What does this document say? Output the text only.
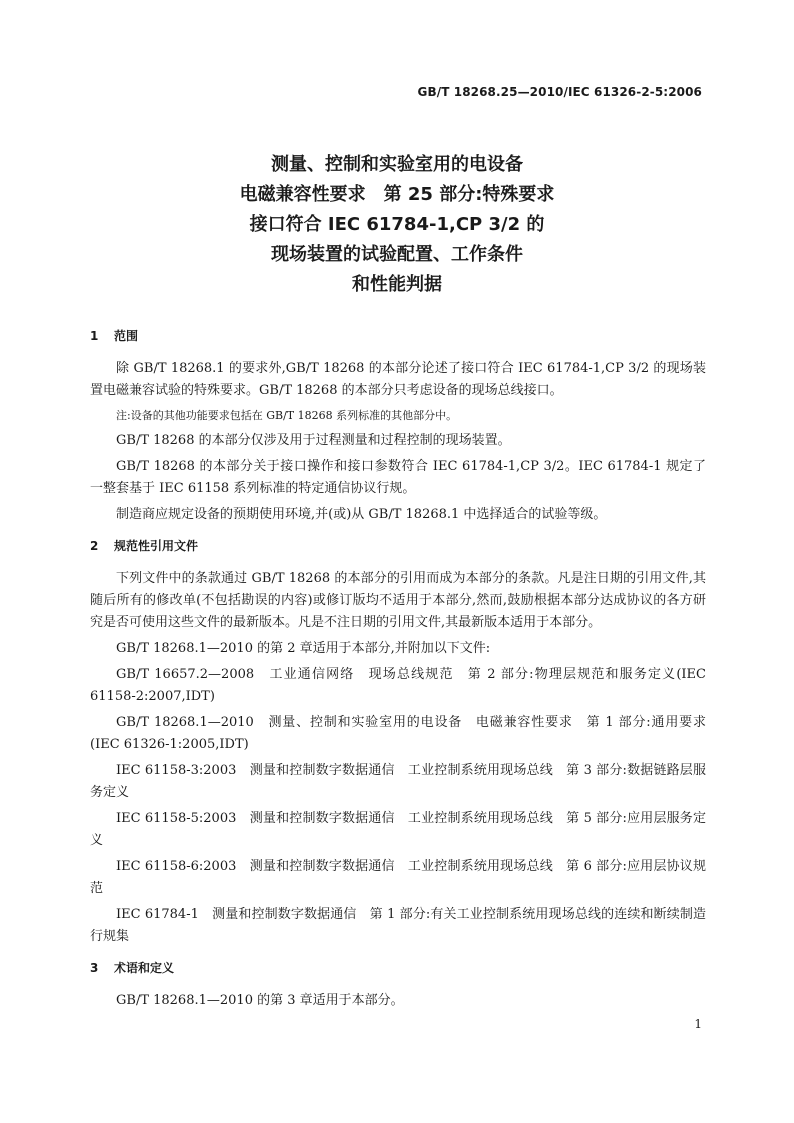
GB/T 18268.25—2010/IEC 61326-2-5:2006
测量、控制和实验室用的电设备
电磁兼容性要求　第 25 部分:特殊要求
接口符合 IEC 61784-1,CP 3/2 的
现场装置的试验配置、工作条件
和性能判据
1 范围

除 GB/T 18268.1 的要求外,GB/T 18268 的本部分论述了接口符合 IEC 61784-1,CP 3/2 的现场装置电磁兼容试验的特殊要求。GB/T 18268 的本部分只考虑设备的现场总线接口。

注:设备的其他功能要求包括在 GB/T 18268 系列标准的其他部分中。

GB/T 18268 的本部分仅涉及用于过程测量和过程控制的现场装置。

GB/T 18268 的本部分关于接口操作和接口参数符合 IEC 61784-1,CP 3/2。IEC 61784-1 规定了一整套基于 IEC 61158 系列标准的特定通信协议行规。

制造商应规定设备的预期使用环境,并(或)从 GB/T 18268.1 中选择适合的试验等级。

2 规范性引用文件

下列文件中的条款通过 GB/T 18268 的本部分的引用而成为本部分的条款。凡是注日期的引用文件,其随后所有的修改单(不包括勘误的内容)或修订版均不适用于本部分,然而,鼓励根据本部分达成协议的各方研究是否可使用这些文件的最新版本。凡是不注日期的引用文件,其最新版本适用于本部分。

GB/T 18268.1—2010 的第 2 章适用于本部分,并附加以下文件:

GB/T 16657.2—2008　工业通信网络　现场总线规范　第 2 部分:物理层规范和服务定义(IEC 61158-2:2007,IDT)

GB/T 18268.1—2010　测量、控制和实验室用的电设备　电磁兼容性要求　第 1 部分:通用要求(IEC 61326-1:2005,IDT)

IEC 61158-3:2003　测量和控制数字数据通信　工业控制系统用现场总线　第 3 部分:数据链路层服务定义

IEC 61158-5:2003　测量和控制数字数据通信　工业控制系统用现场总线　第 5 部分:应用层服务定义

IEC 61158-6:2003　测量和控制数字数据通信　工业控制系统用现场总线　第 6 部分:应用层协议规范

IEC 61784-1　测量和控制数字数据通信　第 1 部分:有关工业控制系统用现场总线的连续和断续制造行规集

3 术语和定义

GB/T 18268.1—2010 的第 3 章适用于本部分。

1
